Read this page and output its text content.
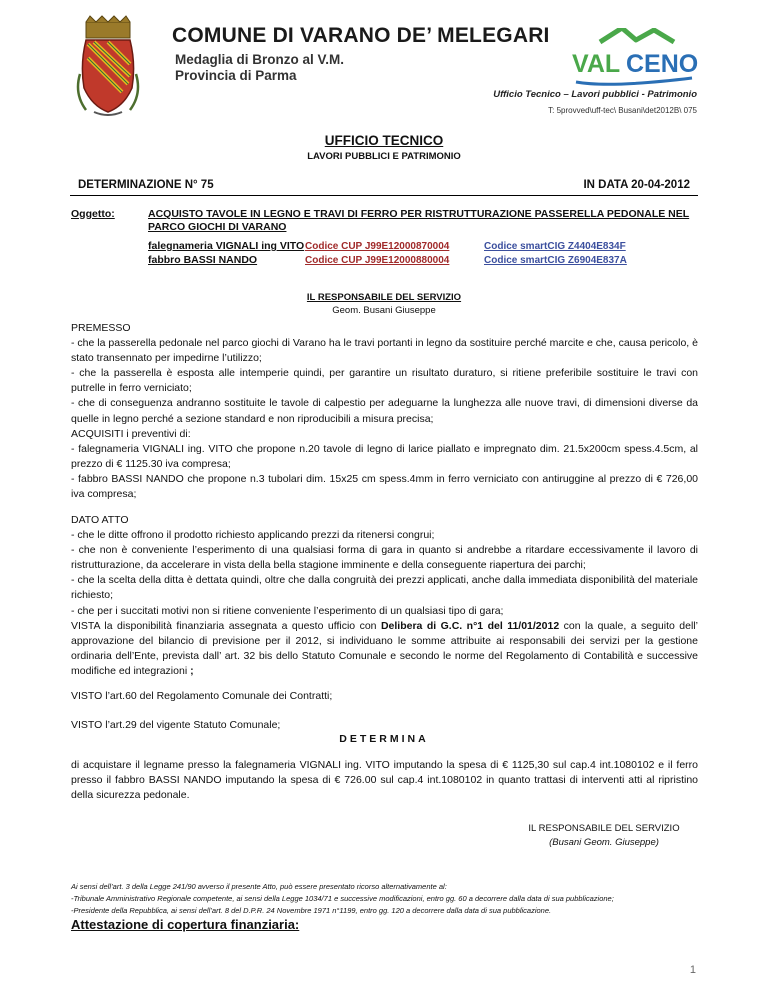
COMUNE DI VARANO DE’ MELEGARI
Medaglia di Bronzo al V.M.
Provincia di Parma	VAL CENO
Ufficio Tecnico – Lavori pubblici - Patrimonio
T: 5provved\uff-tec\ Busani\det2012B\ 075
UFFICIO TECNICO
LAVORI PUBBLICI E PATRIMONIO
DETERMINAZIONE N° 75	IN DATA 20-04-2012
Oggetto:	ACQUISTO TAVOLE IN LEGNO E TRAVI DI FERRO PER RISTRUTTURAZIONE PASSERELLA PEDONALE NEL
PARCO GIOCHI DI VARANO
falegnameria VIGNALI ing VITO Codice CUP J99E12000870004	Codice smartCIG Z4404E834F
fabbro BASSI NANDO	Codice CUP J99E12000880004	Codice smartCIG Z6904E837A
IL RESPONSABILE DEL SERVIZIO
Geom. Busani Giuseppe

PREMESSO

- che la passerella pedonale nel parco giochi di Varano ha le travi portanti in legno da sostituire perché marcite e che, causa pericolo, è stato transennato per impedirne l’utilizzo;

- che la passerella è esposta alle intemperie quindi, per garantire un risultato duraturo, si ritiene preferibile sostituire le travi con putrelle in ferro verniciato;

- che di conseguenza andranno sostituite le tavole di calpestio per adeguarne la lunghezza alle nuove travi, di dimensioni diverse da quelle in legno perché a sezione standard e non riproducibili a misura precisa;

ACQUISITI i preventivi di:

- falegnameria VIGNALI ing. VITO che propone n.20 tavole di legno di larice piallato e impregnato dim. 21.5x200cm spess.4.5cm, al prezzo di € 1125.30 iva compresa;

- fabbro BASSI NANDO che propone n.3 tubolari dim. 15x25 cm spess.4mm in ferro verniciato con antiruggine al prezzo di € 726,00 iva compresa;

DATO ATTO

- che le ditte offrono il prodotto richiesto applicando prezzi da ritenersi congrui;

- che non è conveniente l’esperimento di una qualsiasi forma di gara in quanto si andrebbe a ritardare eccessivamente il lavoro di ristrutturazione, da accelerare in vista della bella stagione imminente e della conseguente riapertura dei parchi;

- che la scelta della ditta è dettata quindi, oltre che dalla congruità dei prezzi applicati, anche dalla immediata disponibilità del materiale richiesto;

- che per i succitati motivi non si ritiene conveniente l’esperimento di un qualsiasi tipo di gara;

VISTA la disponibilità finanziaria assegnata a questo ufficio con Delibera di G.C. n°1 del 11/01/2012 con la quale, a seguito dell’ approvazione del bilancio di previsione per il 2012, si individuano le somme attribuite ai responsabili dei servizi per la gestione ordinaria dell’Ente, prevista dall’ art. 32 bis dello Statuto Comunale e secondo le norme del Regolamento di Contabilità e successive modifiche ed integrazioni ;

VISTO l’art.60 del Regolamento Comunale dei Contratti;
VISTO l’art.29 del vigente Statuto Comunale;
DETERMINA
di acquistare il legname presso la falegnameria VIGNALI ing. VITO imputando la spesa di € 1125,30 sul cap.4 int.1080102 e il ferro presso il fabbro BASSI NANDO imputando la spesa di € 726.00 sul cap.4 int.1080102 in quanto trattasi di interventi atti al ripristino della sicurezza pedonale.
IL RESPONSABILE DEL SERVIZIO
(Busani Geom. Giuseppe)
Ai sensi dell’art. 3 della Legge 241/90 avverso il presente Atto, può essere presentato ricorso alternativamente al:
-Tribunale Amministrativo Regionale competente, ai sensi della Legge 1034/71 e successive modificazioni, entro gg. 60 a decorrere dalla data di sua pubblicazione;
-Presidente della Repubblica, ai sensi dell’art. 8 del D.P.R. 24 Novembre 1971 n°1199, entro gg. 120 a decorrere dalla data di sua pubblicazione.
Attestazione di copertura finanziaria:
1
